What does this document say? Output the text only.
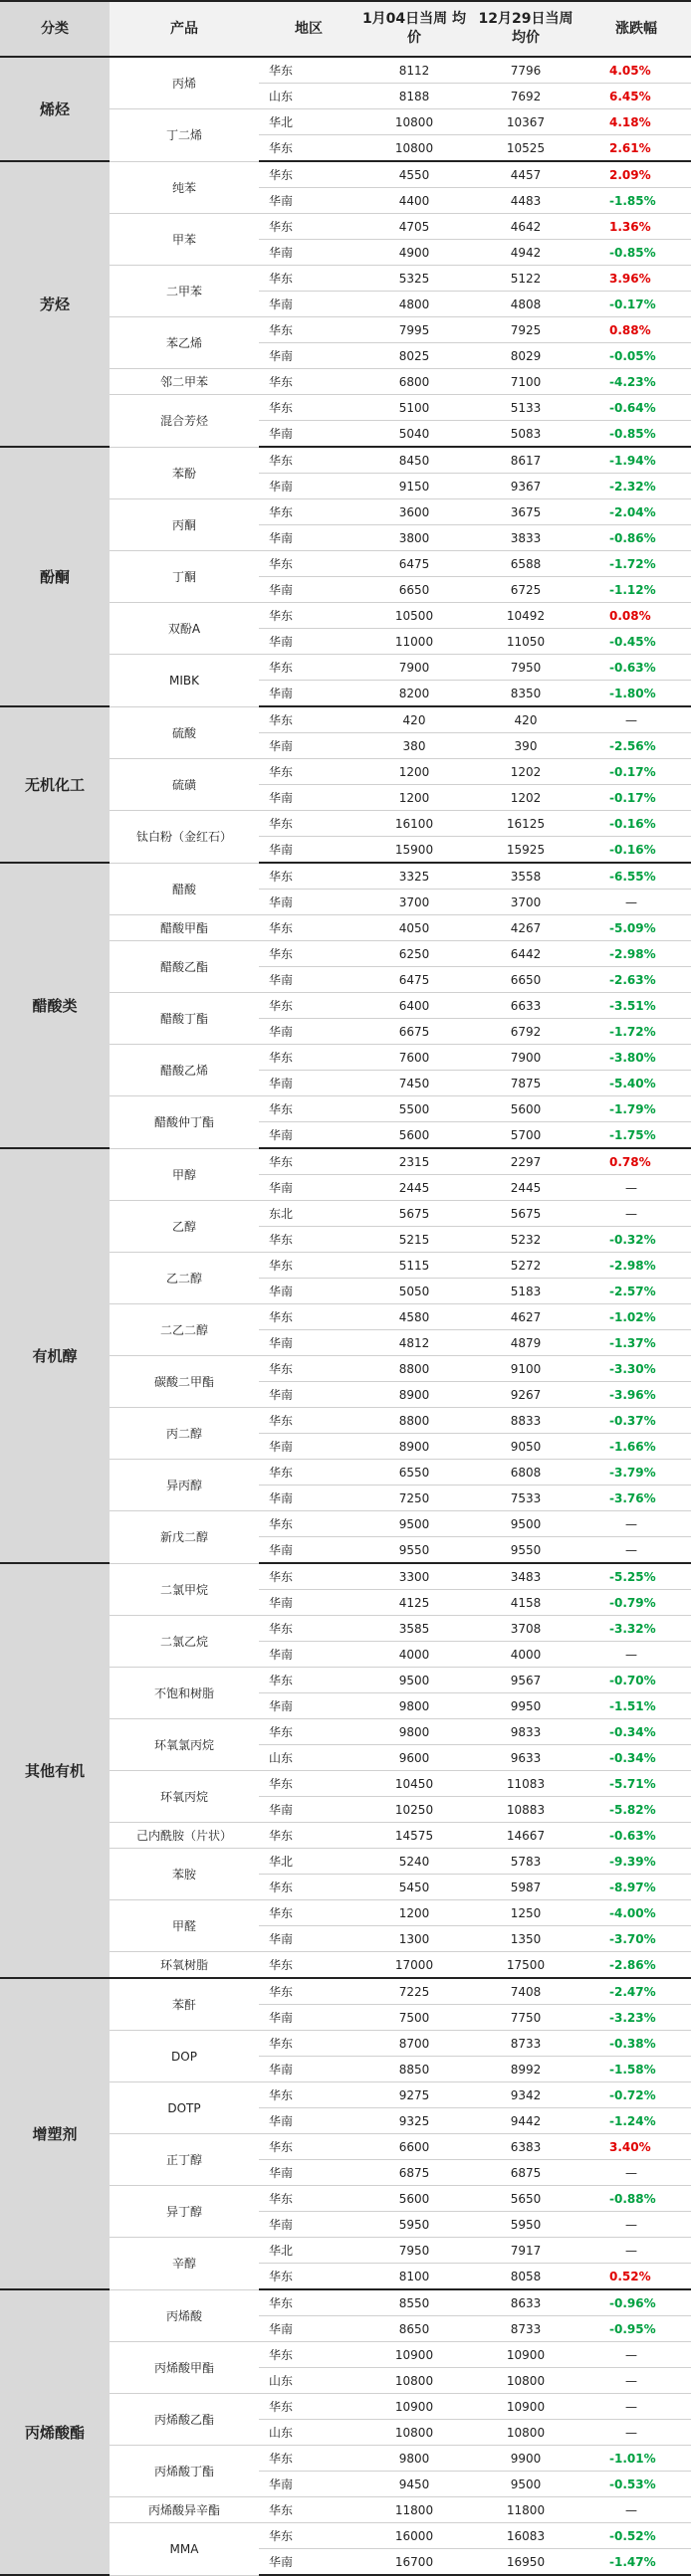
分类	产品	地区	1月04日当周 均价	12月29日当周 均价	涨跌幅
烯烃	丙烯	华东	8112	7796	4.05%
		山东	8188	7692	6.45%
	丁二烯	华北	10800	10367	4.18%
		华东	10800	10525	2.61%
芳烃	纯苯	华东	4550	4457	2.09%
		华南	4400	4483	-1.85%
	甲苯	华东	4705	4642	1.36%
		华南	4900	4942	-0.85%
	二甲苯	华东	5325	5122	3.96%
		华南	4800	4808	-0.17%
	苯乙烯	华东	7995	7925	0.88%
		华南	8025	8029	-0.05%
	邻二甲苯	华东	6800	7100	-4.23%
	混合芳烃	华东	5100	5133	-0.64%
		华南	5040	5083	-0.85%
酚酮	苯酚	华东	8450	8617	-1.94%
		华南	9150	9367	-2.32%
	丙酮	华东	3600	3675	-2.04%
		华南	3800	3833	-0.86%
	丁酮	华东	6475	6588	-1.72%
		华南	6650	6725	-1.12%
	双酚A	华东	10500	10492	0.08%
		华南	11000	11050	-0.45%
	MIBK	华东	7900	7950	-0.63%
		华南	8200	8350	-1.80%
无机化工	硫酸	华东	420	420	—
		华南	380	390	-2.56%
	硫磺	华东	1200	1202	-0.17%
		华南	1200	1202	-0.17%
	钛白粉（金红石）	华东	16100	16125	-0.16%
		华南	15900	15925	-0.16%
醋酸类	醋酸	华东	3325	3558	-6.55%
		华南	3700	3700	—
	醋酸甲酯	华东	4050	4267	-5.09%
	醋酸乙酯	华东	6250	6442	-2.98%
		华南	6475	6650	-2.63%
	醋酸丁酯	华东	6400	6633	-3.51%
		华南	6675	6792	-1.72%
	醋酸乙烯	华东	7600	7900	-3.80%
		华南	7450	7875	-5.40%
	醋酸仲丁酯	华东	5500	5600	-1.79%
		华南	5600	5700	-1.75%
有机醇	甲醇	华东	2315	2297	0.78%
		华南	2445	2445	—
	乙醇	东北	5675	5675	—
		华东	5215	5232	-0.32%
	乙二醇	华东	5115	5272	-2.98%
		华南	5050	5183	-2.57%
	二乙二醇	华东	4580	4627	-1.02%
		华南	4812	4879	-1.37%
	碳酸二甲酯	华东	8800	9100	-3.30%
		华南	8900	9267	-3.96%
	丙二醇	华东	8800	8833	-0.37%
		华南	8900	9050	-1.66%
	异丙醇	华东	6550	6808	-3.79%
		华南	7250	7533	-3.76%
	新戊二醇	华东	9500	9500	—
		华南	9550	9550	—
其他有机	二氯甲烷	华东	3300	3483	-5.25%
		华南	4125	4158	-0.79%
	二氯乙烷	华东	3585	3708	-3.32%
		华南	4000	4000	—
	不饱和树脂	华东	9500	9567	-0.70%
		华南	9800	9950	-1.51%
	环氧氯丙烷	华东	9800	9833	-0.34%
		山东	9600	9633	-0.34%
	环氧丙烷	华东	10450	11083	-5.71%
		华南	10250	10883	-5.82%
	己内酰胺（片状）	华东	14575	14667	-0.63%
	苯胺	华北	5240	5783	-9.39%
		华东	5450	5987	-8.97%
	甲醛	华东	1200	1250	-4.00%
		华南	1300	1350	-3.70%
	环氧树脂	华东	17000	17500	-2.86%
增塑剂	苯酐	华东	7225	7408	-2.47%
		华南	7500	7750	-3.23%
	DOP	华东	8700	8733	-0.38%
		华南	8850	8992	-1.58%
	DOTP	华东	9275	9342	-0.72%
		华南	9325	9442	-1.24%
	正丁醇	华东	6600	6383	3.40%
		华南	6875	6875	—
	异丁醇	华东	5600	5650	-0.88%
		华南	5950	5950	—
	辛醇	华北	7950	7917	—
		华东	8100	8058	0.52%
丙烯酸酯	丙烯酸	华东	8550	8633	-0.96%
		华南	8650	8733	-0.95%
	丙烯酸甲酯	华东	10900	10900	—
		山东	10800	10800	—
	丙烯酸乙酯	华东	10900	10900	—
		山东	10800	10800	—
	丙烯酸丁酯	华东	9800	9900	-1.01%
		华南	9450	9500	-0.53%
	丙烯酸异辛酯	华东	11800	11800	—
	MMA	华东	16000	16083	-0.52%
		华南	16700	16950	-1.47%
